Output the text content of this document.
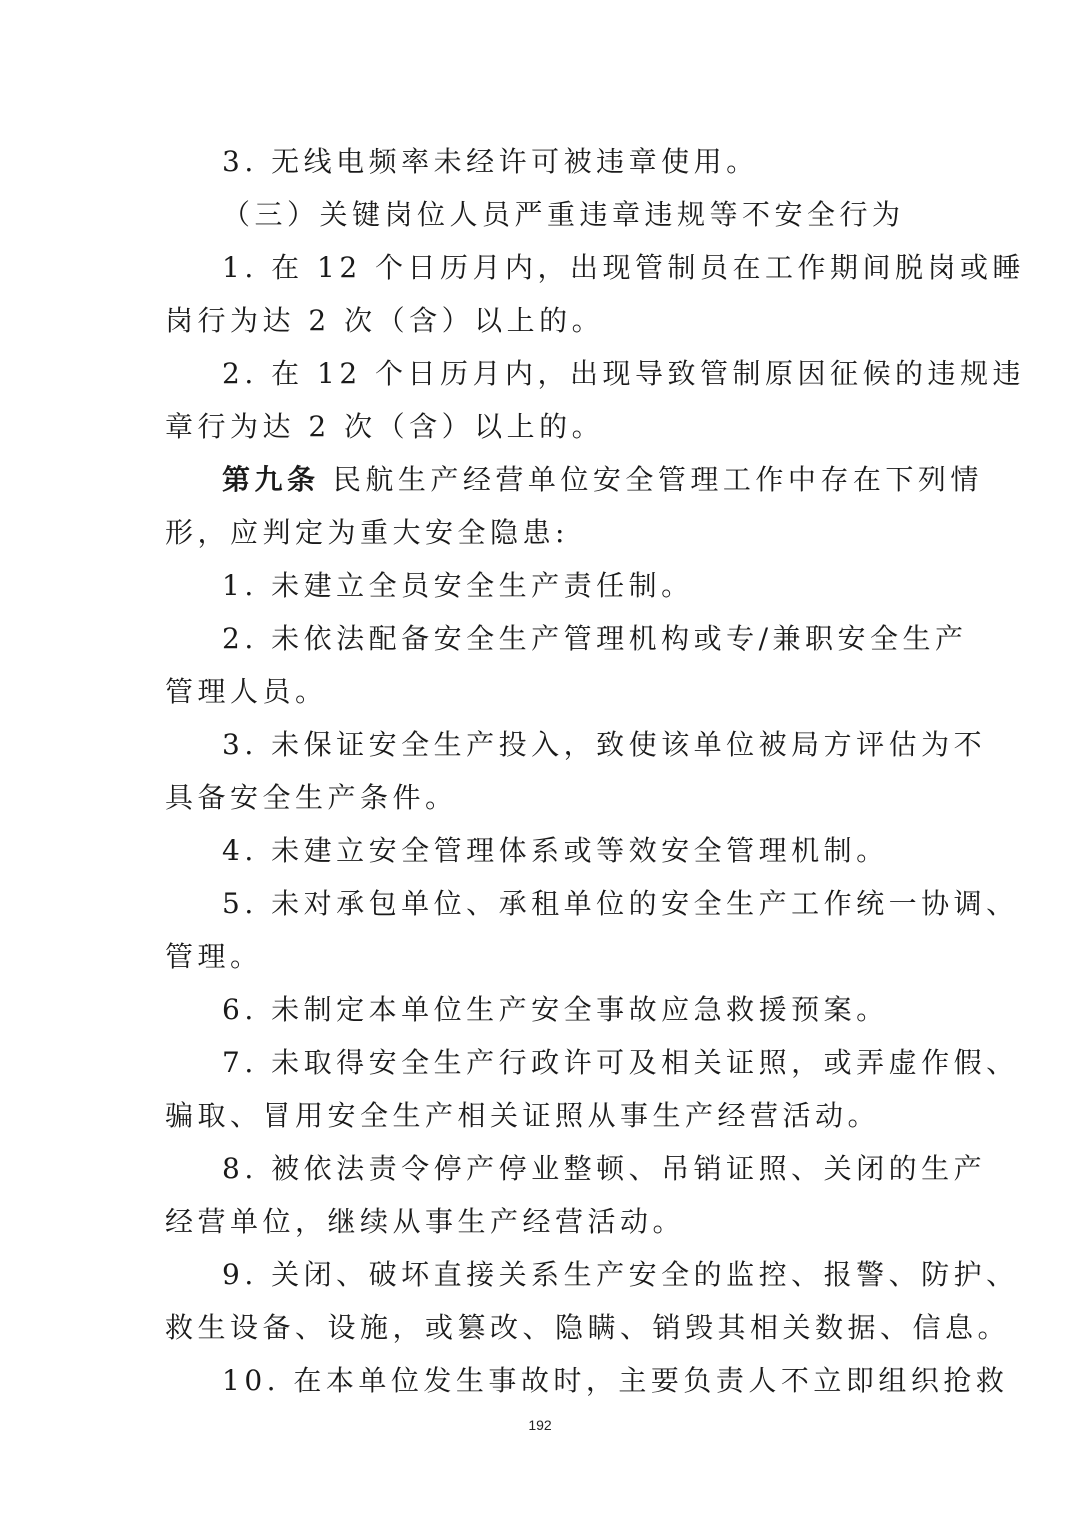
3. 无线电频率未经许可被违章使用。
（三）关键岗位人员严重违章违规等不安全行为
1. 在 12 个日历月内，出现管制员在工作期间脱岗或睡
岗行为达 2 次（含）以上的。
2. 在 12 个日历月内，出现导致管制原因征候的违规违
章行为达 2 次（含）以上的。
第九条 民航生产经营单位安全管理工作中存在下列情
形，应判定为重大安全隐患:
1. 未建立全员安全生产责任制。
2. 未依法配备安全生产管理机构或专/兼职安全生产
管理人员。
3. 未保证安全生产投入，致使该单位被局方评估为不
具备安全生产条件。
4. 未建立安全管理体系或等效安全管理机制。
5. 未对承包单位、承租单位的安全生产工作统一协调、
管理。
6. 未制定本单位生产安全事故应急救援预案。
7. 未取得安全生产行政许可及相关证照，或弄虚作假、
骗取、冒用安全生产相关证照从事生产经营活动。
8. 被依法责令停产停业整顿、吊销证照、关闭的生产
经营单位，继续从事生产经营活动。
9. 关闭、破坏直接关系生产安全的监控、报警、防护、
救生设备、设施，或篡改、隐瞒、销毁其相关数据、信息。
10. 在本单位发生事故时，主要负责人不立即组织抢救
192
